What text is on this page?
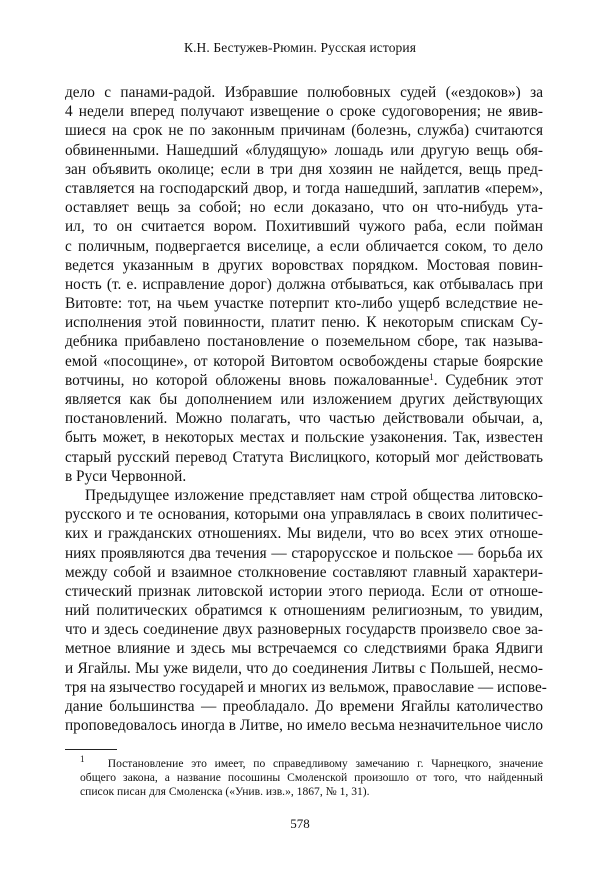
К.Н. Бестужев-Рюмин. Русская история
дело с панами-радой. Избравшие полюбовных судей («ездоков») за
4 недели вперед получают извещение о сроке судоговорения; не явив-
шиеся на срок не по законным причинам (болезнь, служба) считаются
обвиненными. Нашедший «блудящую» лошадь или другую вещь обя-
зан объявить околице; если в три дня хозяин не найдется, вещь пред-
ставляется на господарский двор, и тогда нашедший, заплатив «перем»,
оставляет вещь за собой; но если доказано, что он что-нибудь ута-
ил, то он считается вором. Похитивший чужого раба, если пойман
с поличным, подвергается виселице, а если обличается соком, то дело
ведется указанным в других воровствах порядком. Мостовая повин-
ность (т. е. исправление дорог) должна отбываться, как отбывалась при
Витовте: тот, на чьем участке потерпит кто-либо ущерб вследствие не-
исполнения этой повинности, платит пеню. К некоторым спискам Су-
дебника прибавлено постановление о поземельном сборе, так называ-
емой «посощине», от которой Витовтом освобождены старые боярские
вотчины, но которой обложены вновь пожалованные$^1$. Судебник этот
является как бы дополнением или изложением других действующих
постановлений. Можно полагать, что частью действовали обычаи, а,
быть может, в некоторых местах и польские узаконения. Так, известен
старый русский перевод Статута Вислицкого, который мог действовать
в Руси Червонной.
Предыдущее изложение представляет нам строй общества литовско-
русского и те основания, которыми она управлялась в своих политичес-
ких и гражданских отношениях. Мы видели, что во всех этих отноше-
ниях проявляются два течения — старорусское и польское — борьба их
между собой и взаимное столкновение составляют главный характери-
стический признак литовской истории этого периода. Если от отноше-
ний политических обратимся к отношениям религиозным, то увидим,
что и здесь соединение двух разноверных государств произвело свое за-
метное влияние и здесь мы встречаемся со следствиями брака Ядвиги
и Ягайлы. Мы уже видели, что до соединения Литвы с Польшей, несмо-
тря на язычество государей и многих из вельмож, православие — испове-
дание большинства — преобладало. До времени Ягайлы католичество
проповедовалось иногда в Литве, но имело весьма незначительное число
$^1$ Постановление это имеет, по справедливому замечанию г. Чарнецкого, значение
общего закона, а название посошины Смоленской произошло от того, что найденный
список писан для Смоленска («Унив. изв.», 1867, № 1, 31).
578
